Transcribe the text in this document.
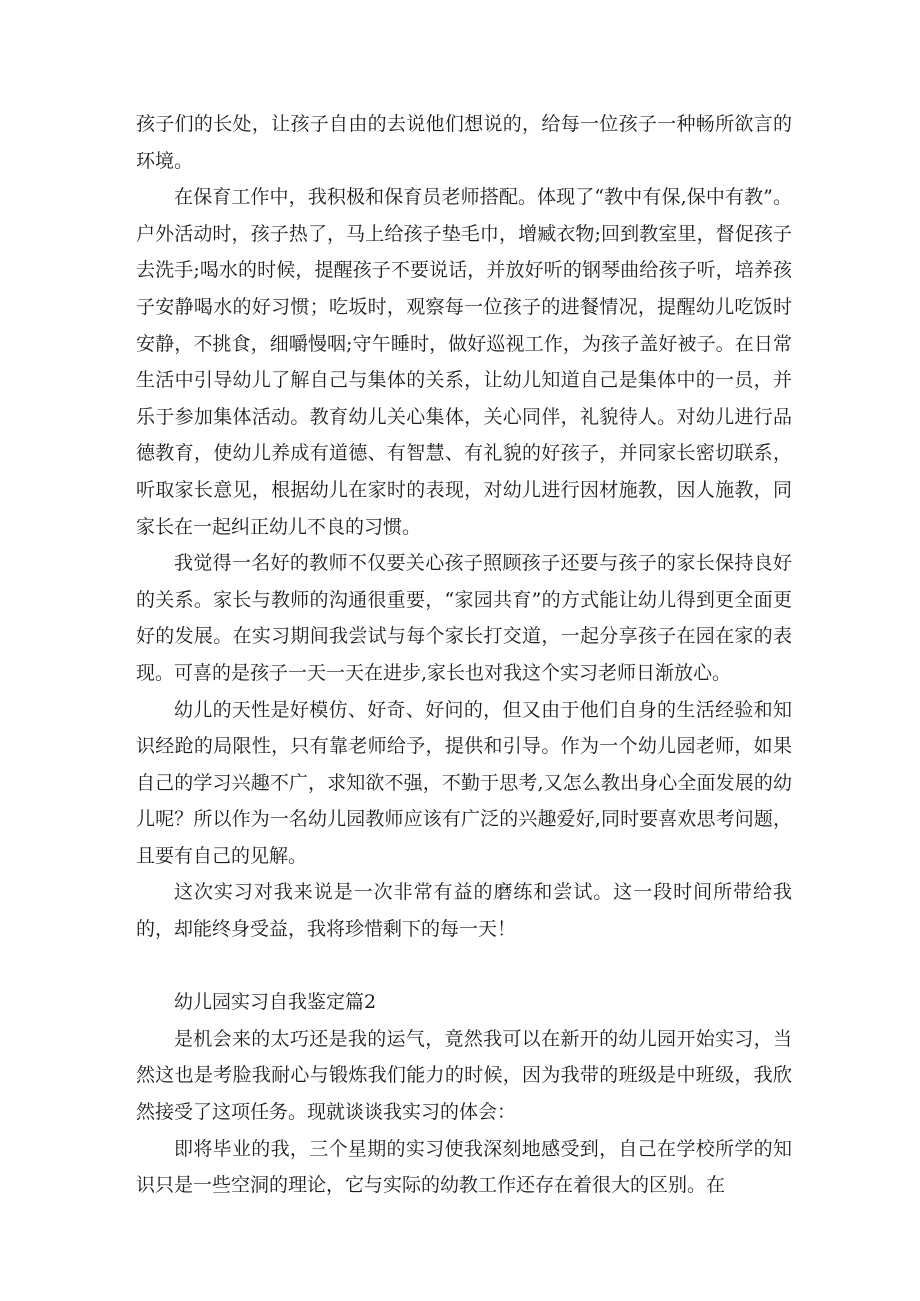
孩子们的长处，让孩子自由的去说他们想说的，给每一位孩子一种畅所欲言的环境。

在保育工作中，我积极和保育员老师搭配。体现了“教中有保,保中有教”。户外活动时，孩子热了，马上给孩子垫毛巾，增臧衣物;回到教室里，督促孩子去洗手;喝水的时候，提醒孩子不要说话，并放好听的钢琴曲给孩子听，培养孩子安静喝水的好习惯；吃坂时，观察每一位孩子的进餐情况，提醒幼儿吃饭时安静，不挑食，细嚼慢咽;守午睡时，做好巡视工作，为孩子盖好被子。在日常生活中引导幼儿了解自己与集体的关系，让幼儿知道自己是集体中的一员，并乐于参加集体活动。教育幼儿关心集体，关心同伴，礼貌待人。对幼儿进行品德教育，使幼儿养成有道德、有智慧、有礼貌的好孩子，并同家长密切联系，听取家长意见，根据幼儿在家时的表现，对幼儿进行因材施教，因人施教，同家长在一起纠正幼儿不良的习惯。

我觉得一名好的教师不仅要关心孩子照顾孩子还要与孩子的家长保持良好的关系。家长与教师的沟通很重要，“家园共育”的方式能让幼儿得到更全面更好的发展。在实习期间我尝试与每个家长打交道，一起分享孩子在园在家的表现。可喜的是孩子一天一天在进步,家长也对我这个实习老师日渐放心。

幼儿的天性是好模仿、好奇、好问的，但又由于他们自身的生活经验和知识经跄的局限性，只有靠老师给予，提供和引导。作为一个幼儿园老师，如果自己的学习兴趣不广，求知欲不强，不勤于思考,又怎么教出身心全面发展的幼儿呢？所以作为一名幼儿园教师应该有广泛的兴趣爱好,同时要喜欢思考问题，且要有自己的见解。

这次实习对我来说是一次非常有益的磨练和尝试。这一段时间所带给我的，却能终身受益，我将珍惜剩下的每一天！

幼儿园实习自我鉴定篇2

是机会来的太巧还是我的运气，竟然我可以在新开的幼儿园开始实习，当然这也是考脸我耐心与锻炼我们能力的时候，因为我带的班级是中班级，我欣然接受了这项任务。现就谈谈我实习的体会：

即将毕业的我，三个星期的实习使我深刻地感受到，自己在学校所学的知识只是一些空洞的理论，它与实际的幼教工作还存在着很大的区别。在
